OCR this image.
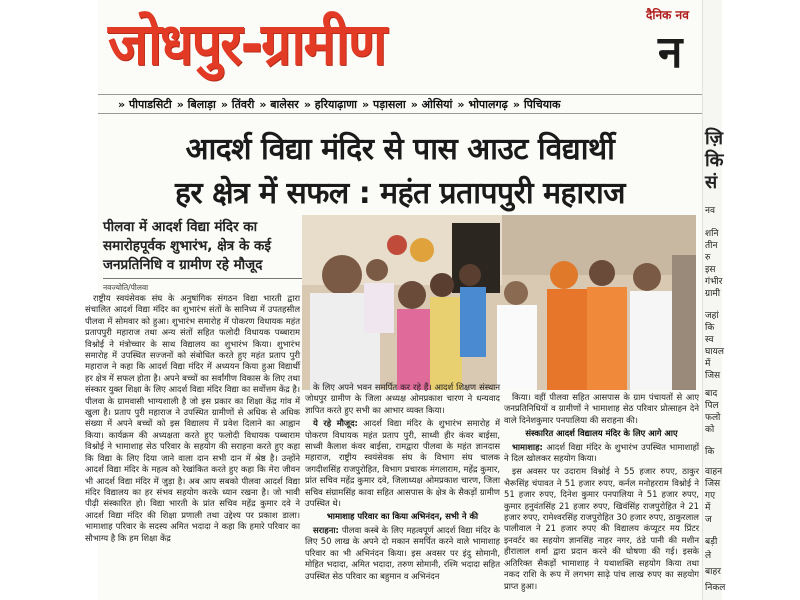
जोधपुर-ग्रामीण	दैनिक नव
न
» पीपाडसिटी	» बिलाड़ा	» तिंवरी	» बालेसर	» हरियाढ़ाणा	» पड़ासला	» ओसियां	» भोपालगढ़	» पिचियाक
आदर्श विद्या मंदिर से पास आउट विद्यार्थी
हर क्षेत्र में सफल : महंत प्रतापपुरी महाराज
पीलवा में आदर्श विद्या मंदिर का समारोहपूर्वक शुभारंभ, क्षेत्र के कई जनप्रतिनिधि व ग्रामीण रहे मौजूद
नवज्योति/पीलवा

राष्ट्रीय स्वयंसेवक संघ के अनुषांगिक संगठन विद्या भारती द्वारा संचालित आदर्श विद्या मंदिर का शुभारंभ संतों के सानिध्य में उपतहसील पीलवा में सोमवार को हुआ। शुभारंभ समारोह में पोकरण विधायक महंत प्रतापपुरी महाराज तथा अन्य संतों सहित फलोदी विधायक पब्बाराम विश्नोई ने मंत्रोच्चार के साथ विद्यालय का शुभारंभ किया। शुभारंभ समारोह में उपस्थित सज्जनों को संबोधित करते हुए महंत प्रताप पुरी महाराज ने कहा कि आदर्श विद्या मंदिर में अध्ययन किया हुआ विद्यार्थी हर क्षेत्र में सफल होता है। अपने बच्चों का सर्वांगीण विकास के लिए तथा संस्कार युक्त शिक्षा के लिए आदर्श विद्या मंदिर विद्या का सर्वोत्तम केंद्र है। पीलवा के ग्रामवासी भाग्यशाली है जो इस प्रकार का शिक्षा केंद्र गांव में खुला है। प्रताप पुरी महाराज ने उपस्थित ग्रामीणों से अधिक से अधिक संख्या में अपने बच्चों को इस विद्यालय में प्रवेश दिलाने का आह्वान किया। कार्यक्रम की अध्यक्षता करते हुए फलोदी विधायक पब्बाराम विश्नोई ने भामाशाह सेठ परिवार के सहयोग की सराहना करते हुए कहा कि विद्या के लिए दिया जाने वाला दान सभी दान में श्रेष्ठ है। उन्होंने आदर्श विद्या मंदिर के महत्व को रेखांकित करते हुए कहा कि मेरा जीवन भी आदर्श विद्या मंदिर में जुड़ा है। अब आप सबको पीलवा आदर्श विद्या मंदिर विद्यालय का हर संभव सहयोग करके ध्यान रखना है। जो भावी पीढ़ी संस्कारित हो। विद्या भारती के प्रांत सचिव महेंद्र कुमार दवे ने आदर्श विद्या मंदिर की शिक्षा प्रणाली तथा उद्देश्य पर प्रकाश डाला। भामाशाह परिवार के सदस्य अमित भदादा ने कहा कि हमारे परिवार का सौभाग्य है कि हम शिक्षा केंद्र

के लिए अपने भवन समर्पित कर रहे हैं। आदर्श शिक्षण संस्थान जोधपुर ग्रामीण के जिला अध्यक्ष ओमप्रकाश चारण ने धन्यवाद ज्ञापित करते हुए सभी का आभार व्यक्त किया।

ये रहे मौजूद: आदर्श विद्या मंदिर के शुभारंभ समारोह में पोकरण विधायक महंत प्रताप पुरी, साध्वी हीर कंवर बाईसा, साध्वी कैलाश कंवर बाईसा, रामद्वारा पीलवा के महंत ज्ञानदास महाराज, राष्ट्रीय स्वयंसेवक संघ के विभाग संघ चालक जगदीशसिंह राजपुरोहित, विभाग प्रचारक मंगलाराम, महेंद्र कुमार, प्रांत सचिव महेंद्र कुमार दवे, जिलाध्यक्ष ओमप्रकाश चारण, जिला सचिव संग्रामसिंह कावा सहित आसपास के क्षेत्र के सैकड़ों ग्रामीण उपस्थित थे।

भामाशाह परिवार का किया अभिनंदन, सभी ने की

सराहना: पीलवा कस्बे के लिए महत्वपूर्ण आदर्श विद्या मंदिर के लिए 50 लाख के अपने दो मकान समर्पित करने वाले भामाशाह परिवार का भी अभिनंदन किया। इस अवसर पर इंदु सोमानी, मोहित भदादा, अमित भदादा, तरुण सोमानी, रश्मि भदादा सहित उपस्थित सेठ परिवार का बहुमान व अभिनंदन

किया। वहीं पीलवा सहित आसपास के ग्राम पंचायतों से आए जनप्रतिनिधियों व ग्रामीणों ने भामाशाह सेठ परिवार प्रोत्साहन देने वाले दिनेशकुमार पनपालिया की सराहना की।

संस्कारित आदर्श विद्यालय मंदिर के लिए आगे आए

भामाशाह: आदर्श विद्या मंदिर के शुभारंभ उपस्थित भामाशाहों ने दिल खोलकर सहयोग किया।

इस अवसर पर उदाराम विश्नोई ने 55 हजार रुपए, ठाकुर भैरूसिंह चंपावत ने 51 हजार रुपए, कर्नल मनोहरराम विश्नोई ने 51 हजार रुपए, दिनेश कुमार पनपालिया ने 51 हजार रुपए, कुमार हनुवंतसिंह 21 हजार रुपए, खिवंसिंह राजपुरोहित ने 21 हजार रुपए, रामेश्वरसिंह राजपुरोहित 30 हजार रुपए, ठाकुरलाल पालीवाल ने 21 हजार रुपए की विद्यालय कंप्यूटर मय प्रिंटर इनवर्टर का सहयोग ज्ञानसिंह नाहर नगर, ठंडे पानी की मशीन हीरालाल शर्मा द्वारा प्रदान करने की घोषणा की गई। इसके अतिरिक्त सैकड़ों भामाशाह ने यथाशक्ति सहयोग किया तथा नकद राशि के रूप में लगभग साढ़े पांच लाख रुपए का सहयोग प्राप्त हुआ।

ज़ि
कि
सं
नव
शनि
तीन
रु
इस
गंभीर
ग्रामी
जहां
कि
स्व
घायल
में
जिस
बाद
पिल
फलो
को
कि
वाहन
जिस
गए
में
ज
बड़ी
ले
बाहर
निकल
